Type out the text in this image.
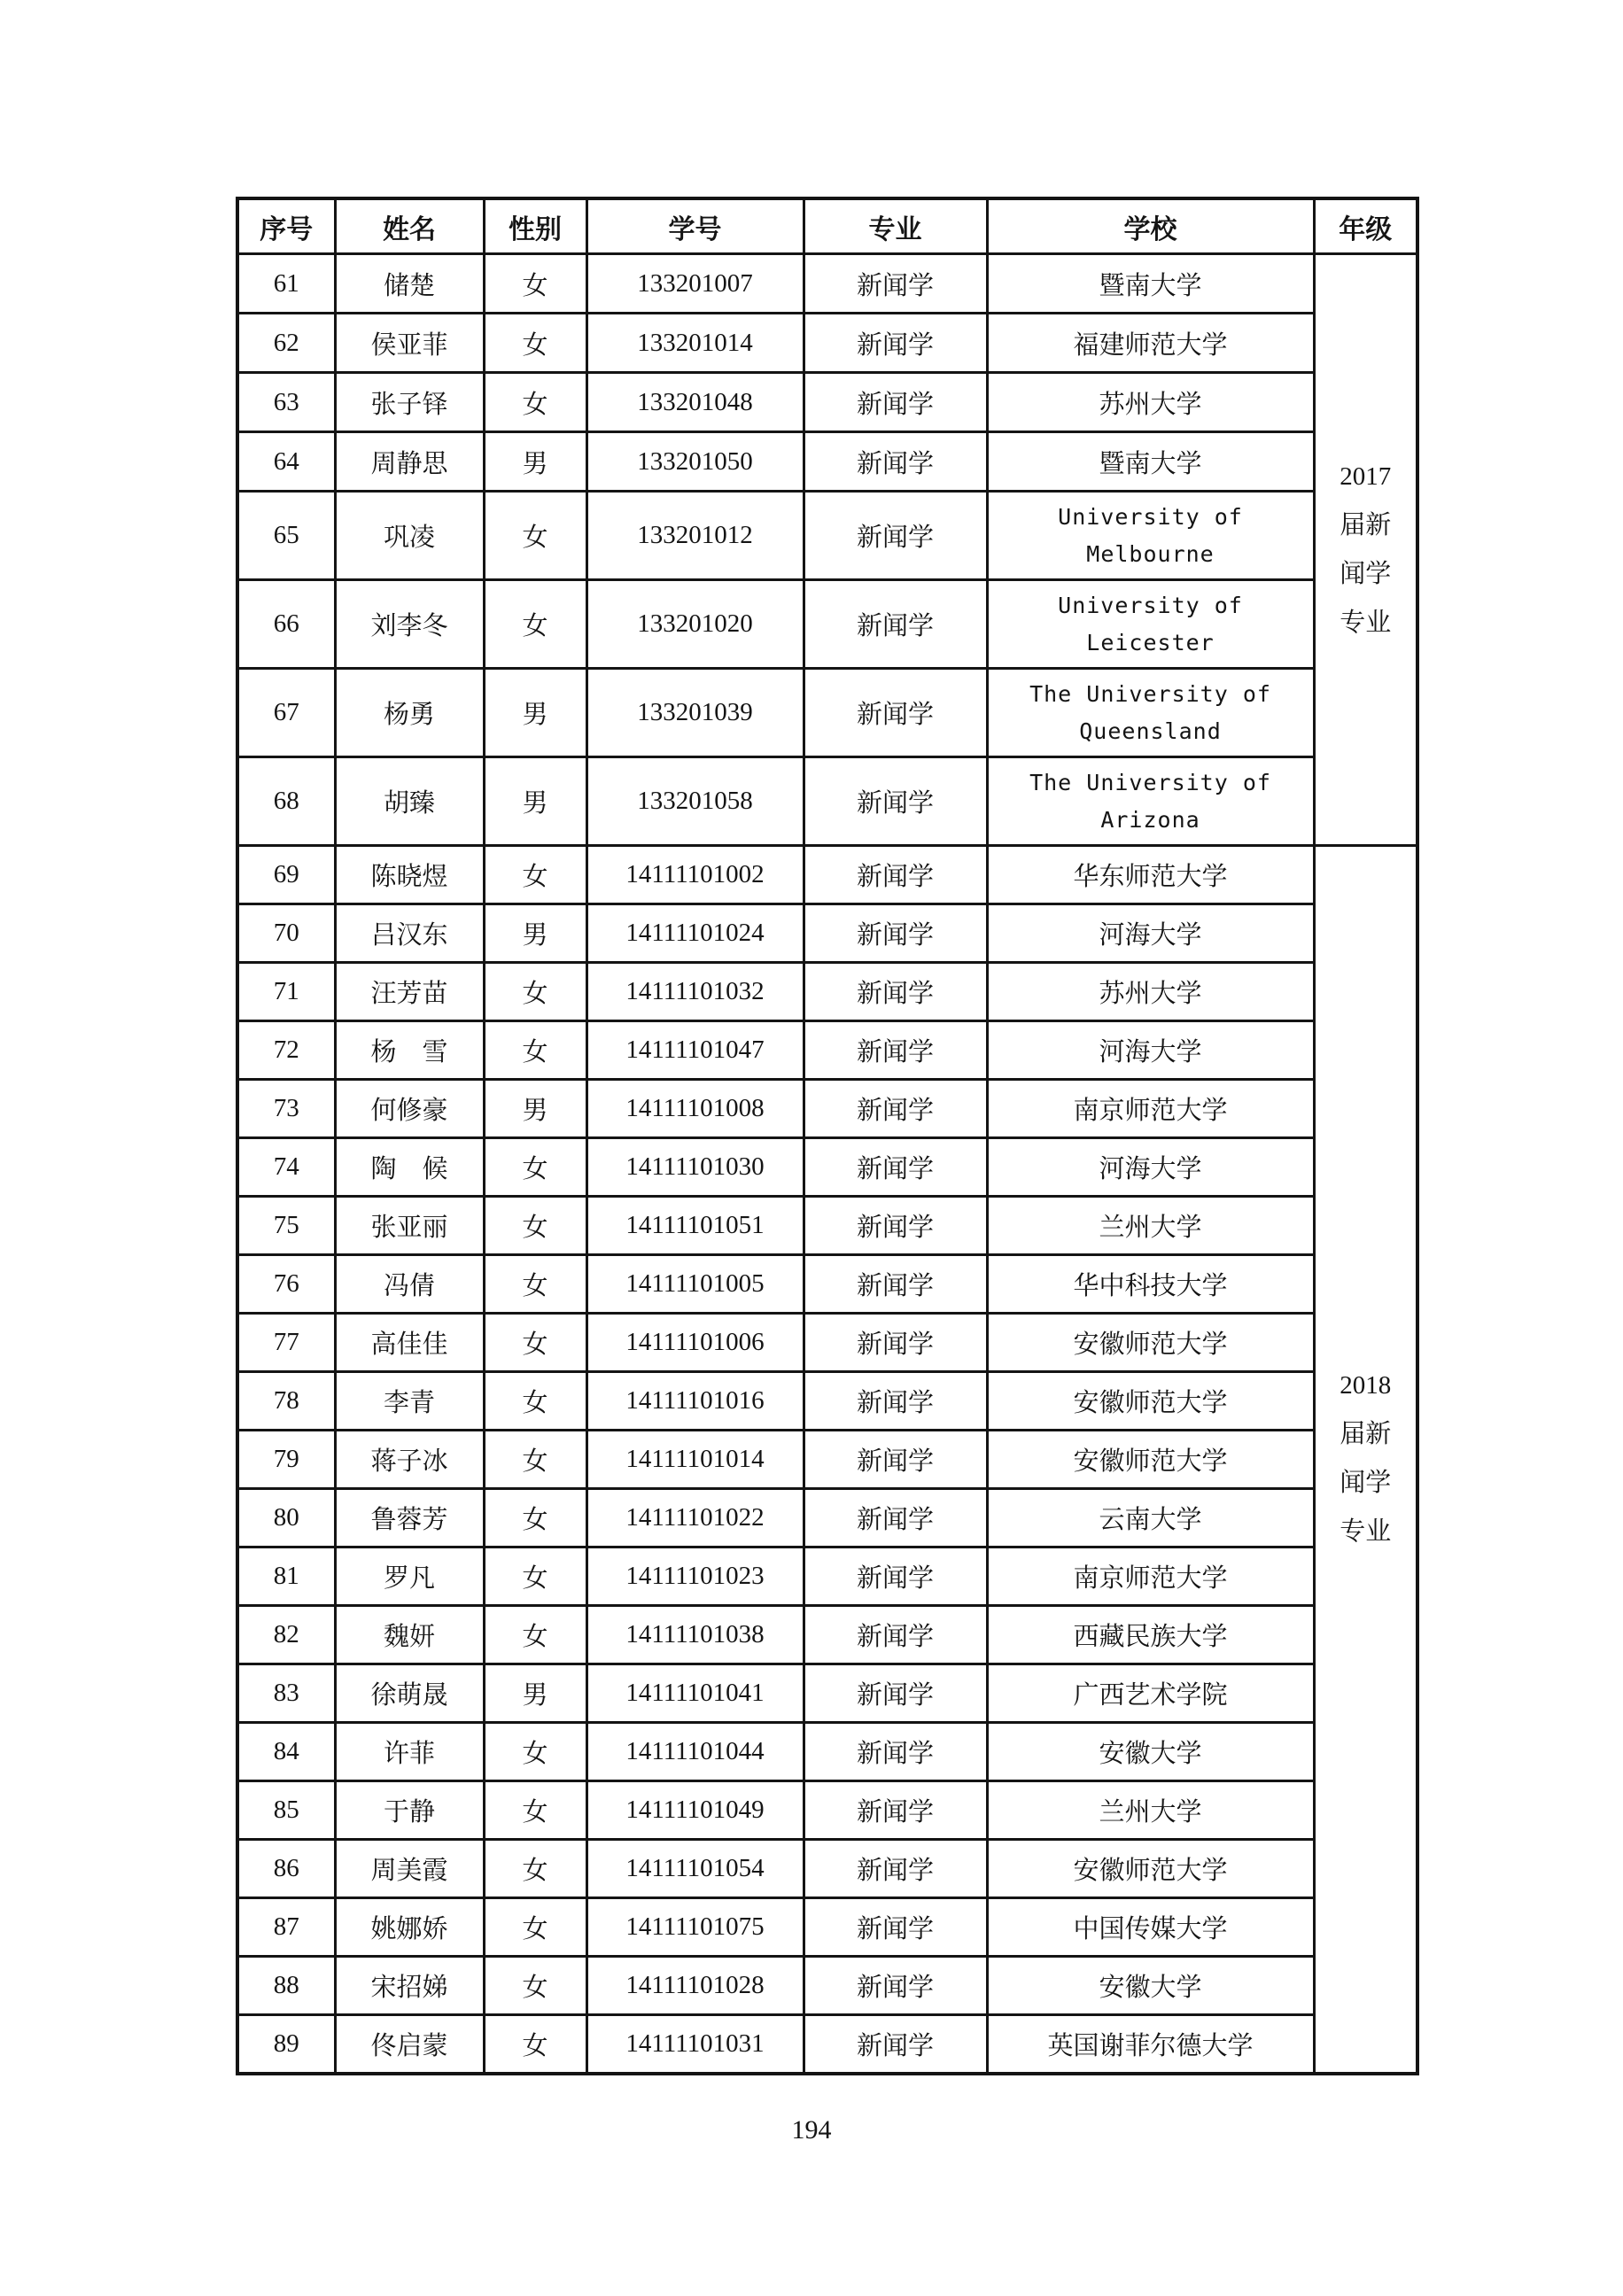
序号	姓名	性别	学号	专业	学校	年级
61	储楚	女	133201007	新闻学	暨南大学	2017
届新
闻学
专业

62	侯亚菲	女	133201014	新闻学	福建师范大学	
63	张子铎	女	133201048	新闻学	苏州大学	
64	周静思	男	133201050	新闻学	暨南大学	
65	巩凌	女	133201012	新闻学	University of
Melbourne	

66	刘李冬	女	133201020	新闻学	University of
Leicester	

67	杨勇	男	133201039	新闻学	The University of
Queensland	

68	胡臻	男	133201058	新闻学	The University of
Arizona	

69	陈晓煜	女	14111101002	新闻学	华东师范大学	2018
届新
闻学
专业

70	吕汉东	男	14111101024	新闻学	河海大学	
71	汪芳苗	女	14111101032	新闻学	苏州大学	
72	杨　雪	女	14111101047	新闻学	河海大学	
73	何修豪	男	14111101008	新闻学	南京师范大学	
74	陶　候	女	14111101030	新闻学	河海大学	
75	张亚丽	女	14111101051	新闻学	兰州大学	
76	冯倩	女	14111101005	新闻学	华中科技大学	
77	高佳佳	女	14111101006	新闻学	安徽师范大学	
78	李青	女	14111101016	新闻学	安徽师范大学	
79	蒋子冰	女	14111101014	新闻学	安徽师范大学	
80	鲁蓉芳	女	14111101022	新闻学	云南大学	
81	罗凡	女	14111101023	新闻学	南京师范大学	
82	魏妍	女	14111101038	新闻学	西藏民族大学	
83	徐萌晟	男	14111101041	新闻学	广西艺术学院	
84	许菲	女	14111101044	新闻学	安徽大学	
85	于静	女	14111101049	新闻学	兰州大学	
86	周美霞	女	14111101054	新闻学	安徽师范大学	
87	姚娜娇	女	14111101075	新闻学	中国传媒大学	
88	宋招娣	女	14111101028	新闻学	安徽大学	
89	佟启蒙	女	14111101031	新闻学	英国谢菲尔德大学	
194
